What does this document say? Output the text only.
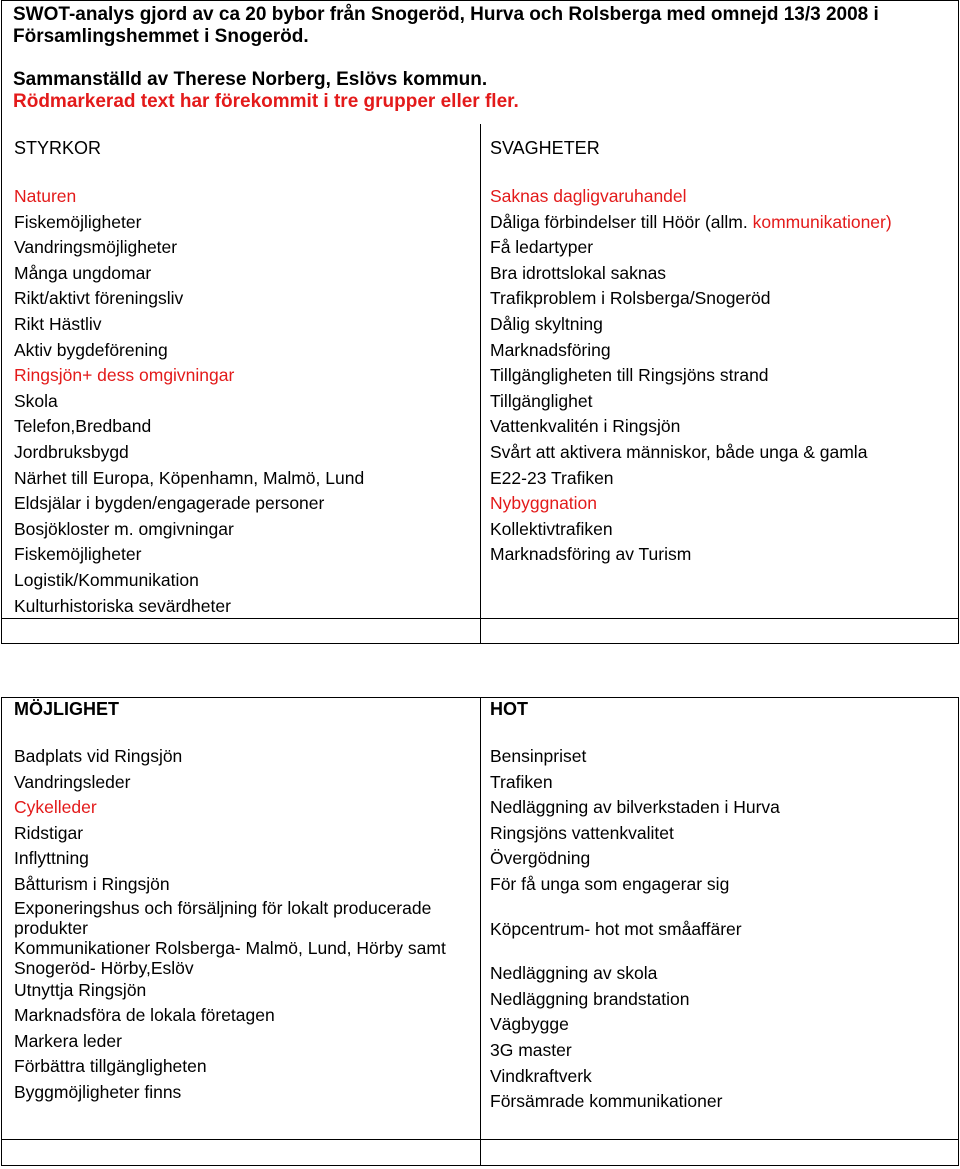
SWOT-analys gjord av ca 20 bybor från Snogeröd, Hurva och Rolsberga med omnejd 13/3 2008 i
Församlingshemmet i Snogeröd.
Sammanställd av Therese Norberg, Eslövs kommun.
Rödmarkerad text har förekommit i tre grupper eller fler.
STYRKOR
Naturen
Fiskemöjligheter
Vandringsmöjligheter
Många ungdomar
Rikt/aktivt föreningsliv
Rikt Hästliv
Aktiv bygdeförening
Ringsjön+ dess omgivningar
Skola
Telefon,Bredband
Jordbruksbygd
Närhet till Europa, Köpenhamn, Malmö, Lund
Eldsjälar i bygden/engagerade personer
Bosjökloster m. omgivningar
Fiskemöjligheter
Logistik/Kommunikation
Kulturhistoriska sevärdheter
SVAGHETER
Saknas dagligvaruhandel
Dåliga förbindelser till Höör (allm. kommunikationer)
Få ledartyper
Bra idrottslokal saknas
Trafikproblem i Rolsberga/Snogeröd
Dålig skyltning
Marknadsföring
Tillgängligheten till Ringsjöns strand
Tillgänglighet
Vattenkvalitén i Ringsjön
Svårt att aktivera människor, både unga & gamla
E22-23 Trafiken
Nybyggnation
Kollektivtrafiken
Marknadsföring av Turism
MÖJLIGHET
Badplats vid Ringsjön
Vandringsleder
Cykelleder
Ridstigar
Inflyttning
Båtturism i Ringsjön
Exponeringshus och försäljning för lokalt producerade produkter
Kommunikationer Rolsberga- Malmö, Lund, Hörby samt Snogeröd- Hörby,Eslöv
Utnyttja Ringsjön
Marknadsföra de lokala företagen
Markera leder
Förbättra tillgängligheten
Byggmöjligheter finns
HOT
Bensinpriset
Trafiken
Nedläggning av bilverkstaden i Hurva
Ringsjöns vattenkvalitet
Övergödning
För få unga som engagerar sig
Köpcentrum- hot mot småaffärer
Nedläggning av skola
Nedläggning brandstation
Vägbygge
3G master
Vindkraftverk
Försämrade kommunikationer
